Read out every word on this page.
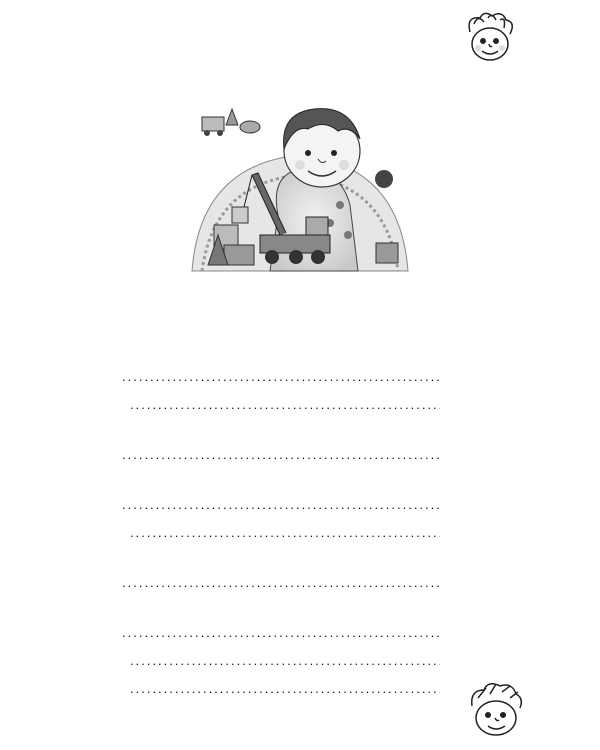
.....
.....
.....
.....
.....
.....
.....
.....
.....
